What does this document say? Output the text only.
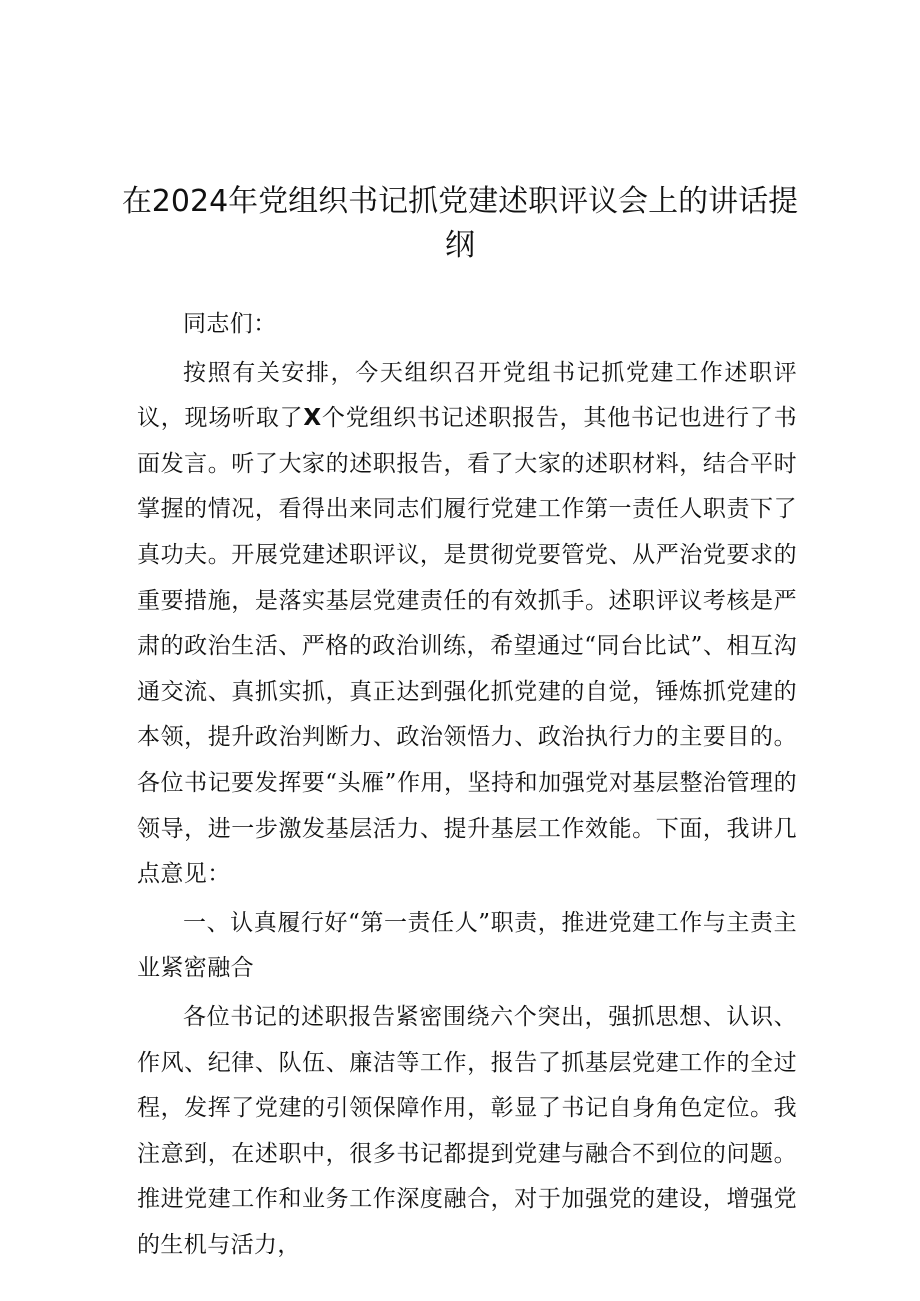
在2024年党组织书记抓党建述职评议会上的讲话提纲

同志们：

按照有关安排，今天组织召开党组书记抓党建工作述职评议，现场听取了X个党组织书记述职报告，其他书记也进行了书面发言。听了大家的述职报告，看了大家的述职材料，结合平时掌握的情况，看得出来同志们履行党建工作第一责任人职责下了真功夫。开展党建述职评议，是贯彻党要管党、从严治党要求的重要措施，是落实基层党建责任的有效抓手。述职评议考核是严肃的政治生活、严格的政治训练，希望通过“同台比试”、相互沟通交流、真抓实抓，真正达到强化抓党建的自觉，锤炼抓党建的本领，提升政治判断力、政治领悟力、政治执行力的主要目的。各位书记要发挥要“头雁”作用，坚持和加强党对基层整治管理的领导，进一步激发基层活力、提升基层工作效能。下面，我讲几点意见：

一、认真履行好“第一责任人”职责，推进党建工作与主责主业紧密融合

各位书记的述职报告紧密围绕六个突出，强抓思想、认识、作风、纪律、队伍、廉洁等工作，报告了抓基层党建工作的全过程，发挥了党建的引领保障作用，彰显了书记自身角色定位。我注意到，在述职中，很多书记都提到党建与融合不到位的问题。推进党建工作和业务工作深度融合，对于加强党的建设，增强党的生机与活力，
